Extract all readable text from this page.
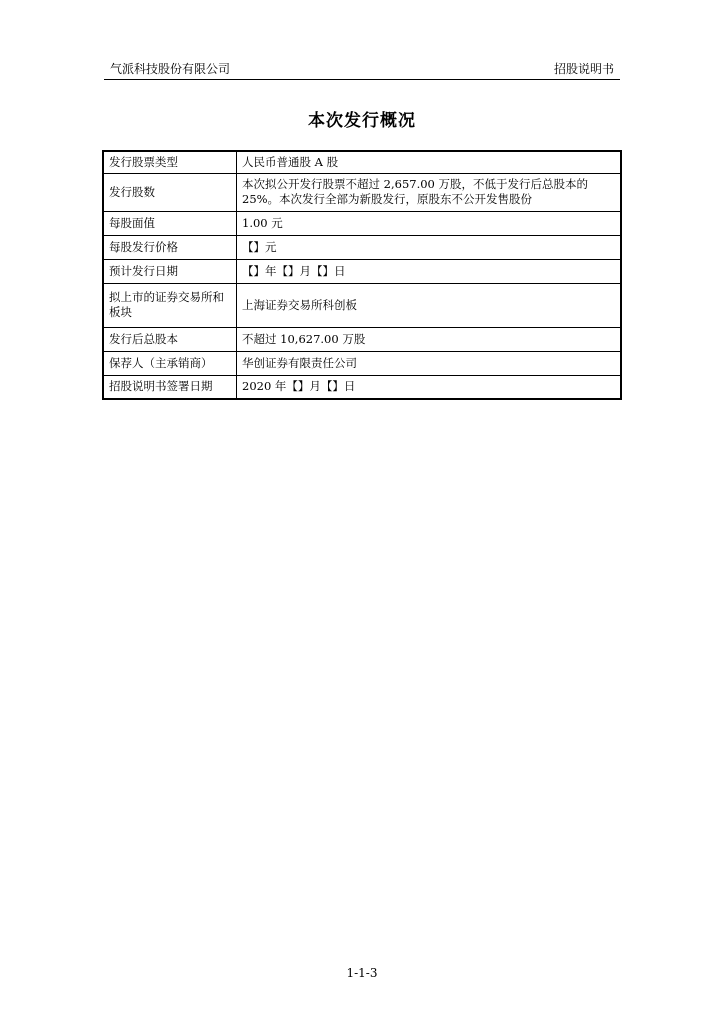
气派科技股份有限公司	招股说明书
本次发行概况
发行股票类型	人民币普通股 A 股
发行股数	本次拟公开发行股票不超过 2,657.00 万股，不低于发行后总股本的 25%。本次发行全部为新股发行，原股东不公开发售股份
每股面值	1.00 元
每股发行价格	【】元
预计发行日期	【】年【】月【】日
拟上市的证券交易所和板块	上海证券交易所科创板
发行后总股本	不超过 10,627.00 万股
保荐人（主承销商）	华创证券有限责任公司
招股说明书签署日期	2020 年【】月【】日
1-1-3
